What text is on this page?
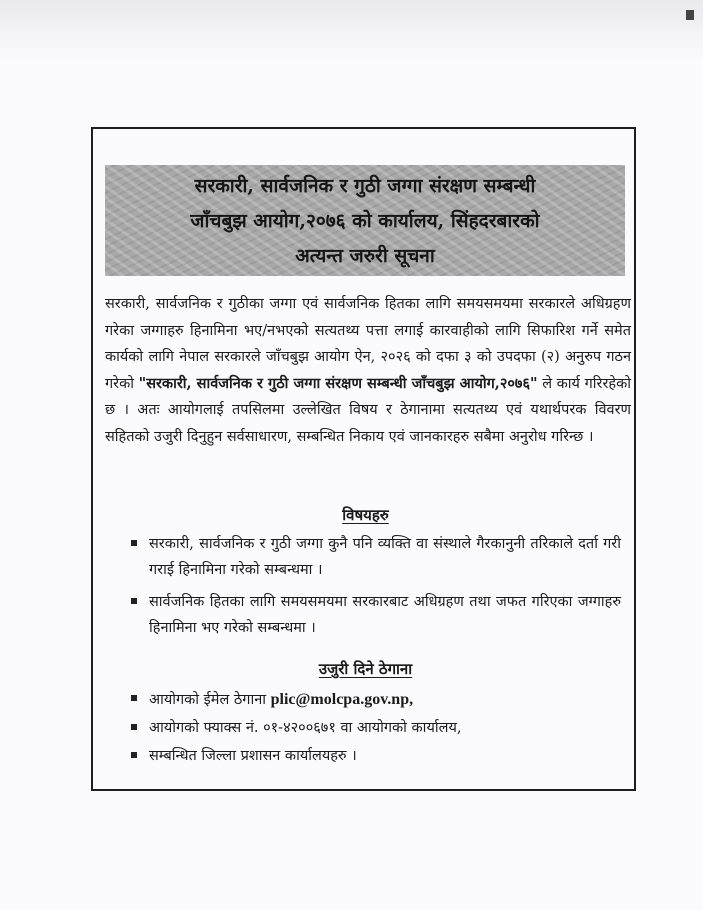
सरकारी, सार्वजनिक र गुठी जग्गा संरक्षण सम्बन्धी
जाँचबुझ आयोग,२०७६ को कार्यालय, सिंहदरबारको
अत्यन्त जरुरी सूचना

सरकारी, सार्वजनिक र गुठीका जग्गा एवं सार्वजनिक हितका लागि समयसमयमा सरकारले अधिग्रहण गरेका जग्गाहरु हिनामिना भए/नभएको सत्यतथ्य पत्ता लगाई कारवाहीको लागि सिफारिश गर्ने समेत कार्यको लागि नेपाल सरकारले जाँचबुझ आयोग ऐन, २०२६ को दफा ३ को उपदफा (२) अनुरुप गठन गरेको "सरकारी, सार्वजनिक र गुठी जग्गा संरक्षण सम्बन्धी जाँचबुझ आयोग,२०७६" ले कार्य गरिरहेको छ । अतः आयोगलाई तपसिलमा उल्लेखित विषय र ठेगानामा सत्यतथ्य एवं यथार्थपरक विवरण सहितको उजुरी दिनुहुन सर्वसाधारण, सम्बन्धित निकाय एवं जानकारहरु सबैमा अनुरोध गरिन्छ ।

विषयहरु
सरकारी, सार्वजनिक र गुठी जग्गा कुनै पनि व्यक्ति वा संस्थाले गैरकानुनी तरिकाले दर्ता गरी गराई हिनामिना गरेको सम्बन्धमा ।
सार्वजनिक हितका लागि समयसमयमा सरकारबाट अधिग्रहण तथा जफत गरिएका जग्गाहरु हिनामिना भए गरेको सम्बन्धमा ।
उजुरी दिने ठेगाना
आयोगको ईमेल ठेगाना plic@molcpa.gov.np,
आयोगको फ्याक्स नं. ०१-४२००६७१ वा आयोगको कार्यालय,
सम्बन्धित जिल्ला प्रशासन कार्यालयहरु ।
